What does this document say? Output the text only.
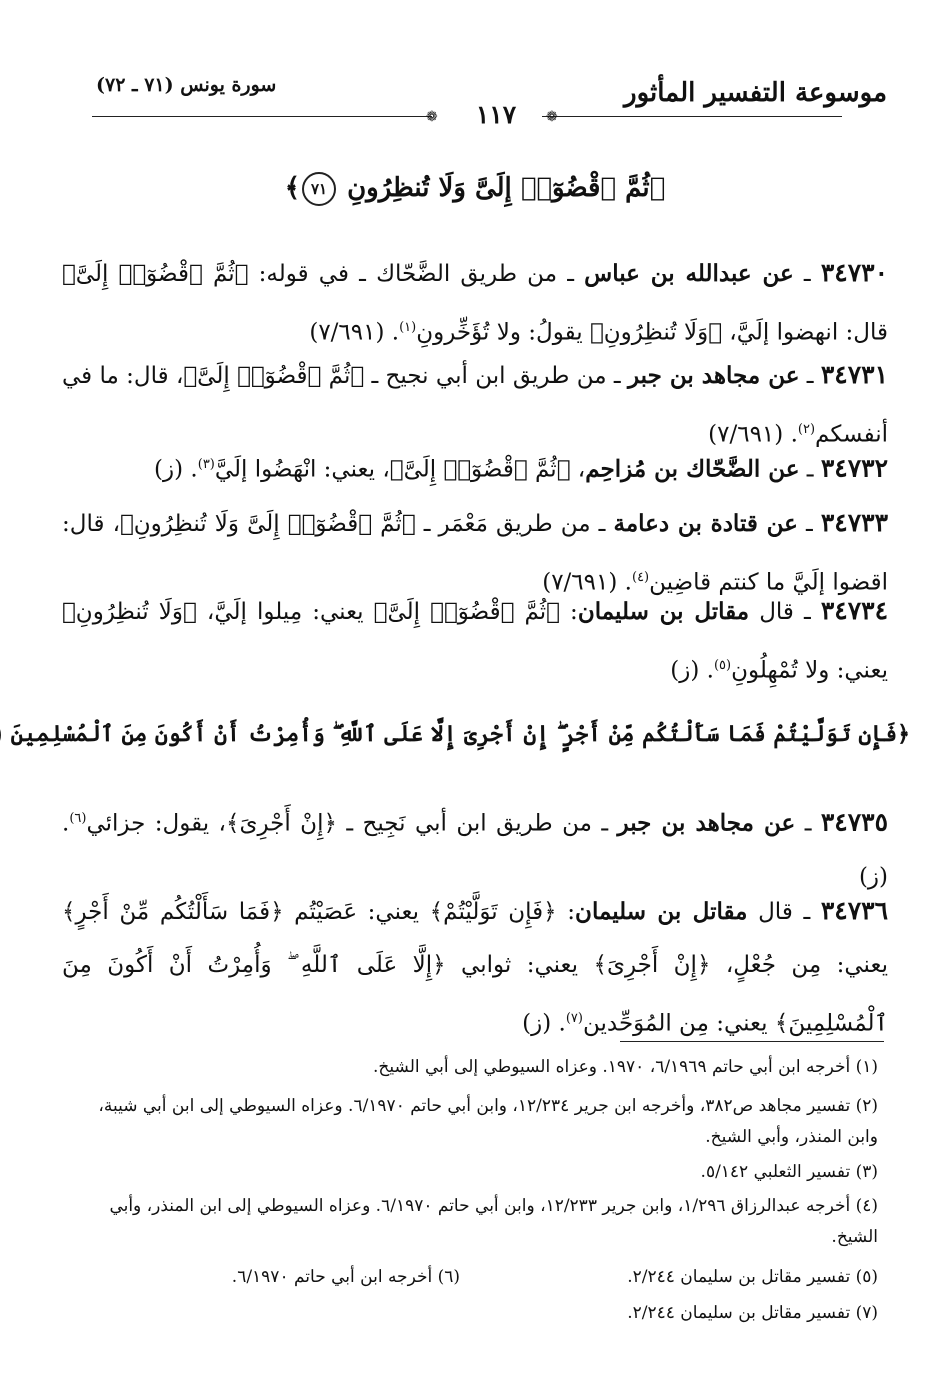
موسوعة التفسير المأثور
سورة يونس (٧١ ـ ٧٢)
❁	❁
١١٧
﴿ثُمَّ ٱقْضُوٓا۟ إِلَىَّ وَلَا تُنظِرُونِ ٧١﴾

٣٤٧٣٠ ـ عن عبدالله بن عباس ـ من طريق الضَّحّاك ـ في قوله: ﴿ثُمَّ ٱقْضُوٓا۟ إِلَىَّ﴾ قال: انهضوا إلَيَّ، ﴿وَلَا تُنظِرُونِ﴾ يقولُ: ولا تُؤَخِّرونِ$^{(١)}$. (٧/٦٩١)

٣٤٧٣١ ـ عن مجاهد بن جبر ـ من طريق ابن أبي نجيح ـ ﴿ثُمَّ ٱقْضُوٓا۟ إِلَىَّ﴾، قال: ما في أنفسكم$^{(٢)}$. (٧/٦٩١)

٣٤٧٣٢ ـ عن الضَّحّاك بن مُزاحِم، ﴿ثُمَّ ٱقْضُوٓا۟ إِلَىَّ﴾، يعني: انْهَضُوا إلَيَّ$^{(٣)}$. (ز)

٣٤٧٣٣ ـ عن قتادة بن دعامة ـ من طريق مَعْمَر ـ ﴿ثُمَّ ٱقْضُوٓا۟ إِلَىَّ وَلَا تُنظِرُونِ﴾، قال: اقضوا إلَيَّ ما كنتم قاضِين$^{(٤)}$. (٧/٦٩١)

٣٤٧٣٤ ـ قال مقاتل بن سليمان: ﴿ثُمَّ ٱقْضُوٓا۟ إِلَىَّ﴾ يعني: مِيلوا إلَيَّ، ﴿وَلَا تُنظِرُونِ﴾ يعني: ولا تُمْهِلُونِ$^{(٥)}$. (ز)

﴿فَإِن تَوَلَّيْتُمْ فَمَا سَأَلْتُكُم مِّنْ أَجْرٍ ۖ إِنْ أَجْرِىَ إِلَّا عَلَى ٱللَّهِ ۖ وَأُمِرْتُ أَنْ أَكُونَ مِنَ ٱلْمُسْلِمِينَ

٣٤٧٣٥ ـ عن مجاهد بن جبر ـ من طريق ابن أبي نَجِيح ـ ﴿إِنْ أَجْرِىَ﴾، يقول: جزائي$^{(٦)}$. (ز)

٣٤٧٣٦ ـ قال مقاتل بن سليمان: ﴿فَإِن تَوَلَّيْتُمْ﴾ يعني: عَصَيْتُم ﴿فَمَا سَأَلْتُكُم مِّنْ أَجْرٍ﴾ يعني: مِن جُعْلٍ، ﴿إِنْ أَجْرِىَ﴾ يعني: ثوابي ﴿إِلَّا عَلَى ٱللَّهِ ۖ وَأُمِرْتُ أَنْ أَكُونَ مِنَ ٱلْمُسْلِمِينَ﴾ يعني: مِن المُوَحِّدين$^{(٧)}$. (ز)

(١) أخرجه ابن أبي حاتم ٦/١٩٦٩، ١٩٧٠. وعزاه السيوطي إلى أبي الشيخ.
(٢) تفسير مجاهد ص٣٨٢، وأخرجه ابن جرير ١٢/٢٣٤، وابن أبي حاتم ٦/١٩٧٠. وعزاه السيوطي إلى ابن أبي شيبة، وابن المنذر، وأبي الشيخ.
(٣) تفسير الثعلبي ٥/١٤٢.
(٤) أخرجه عبدالرزاق ١/٢٩٦، وابن جرير ١٢/٢٣٣، وابن أبي حاتم ٦/١٩٧٠. وعزاه السيوطي إلى ابن المنذر، وأبي الشيخ.
(٥) تفسير مقاتل بن سليمان ٢/٢٤٤.
(٦) أخرجه ابن أبي حاتم ٦/١٩٧٠.
(٧) تفسير مقاتل بن سليمان ٢/٢٤٤.
